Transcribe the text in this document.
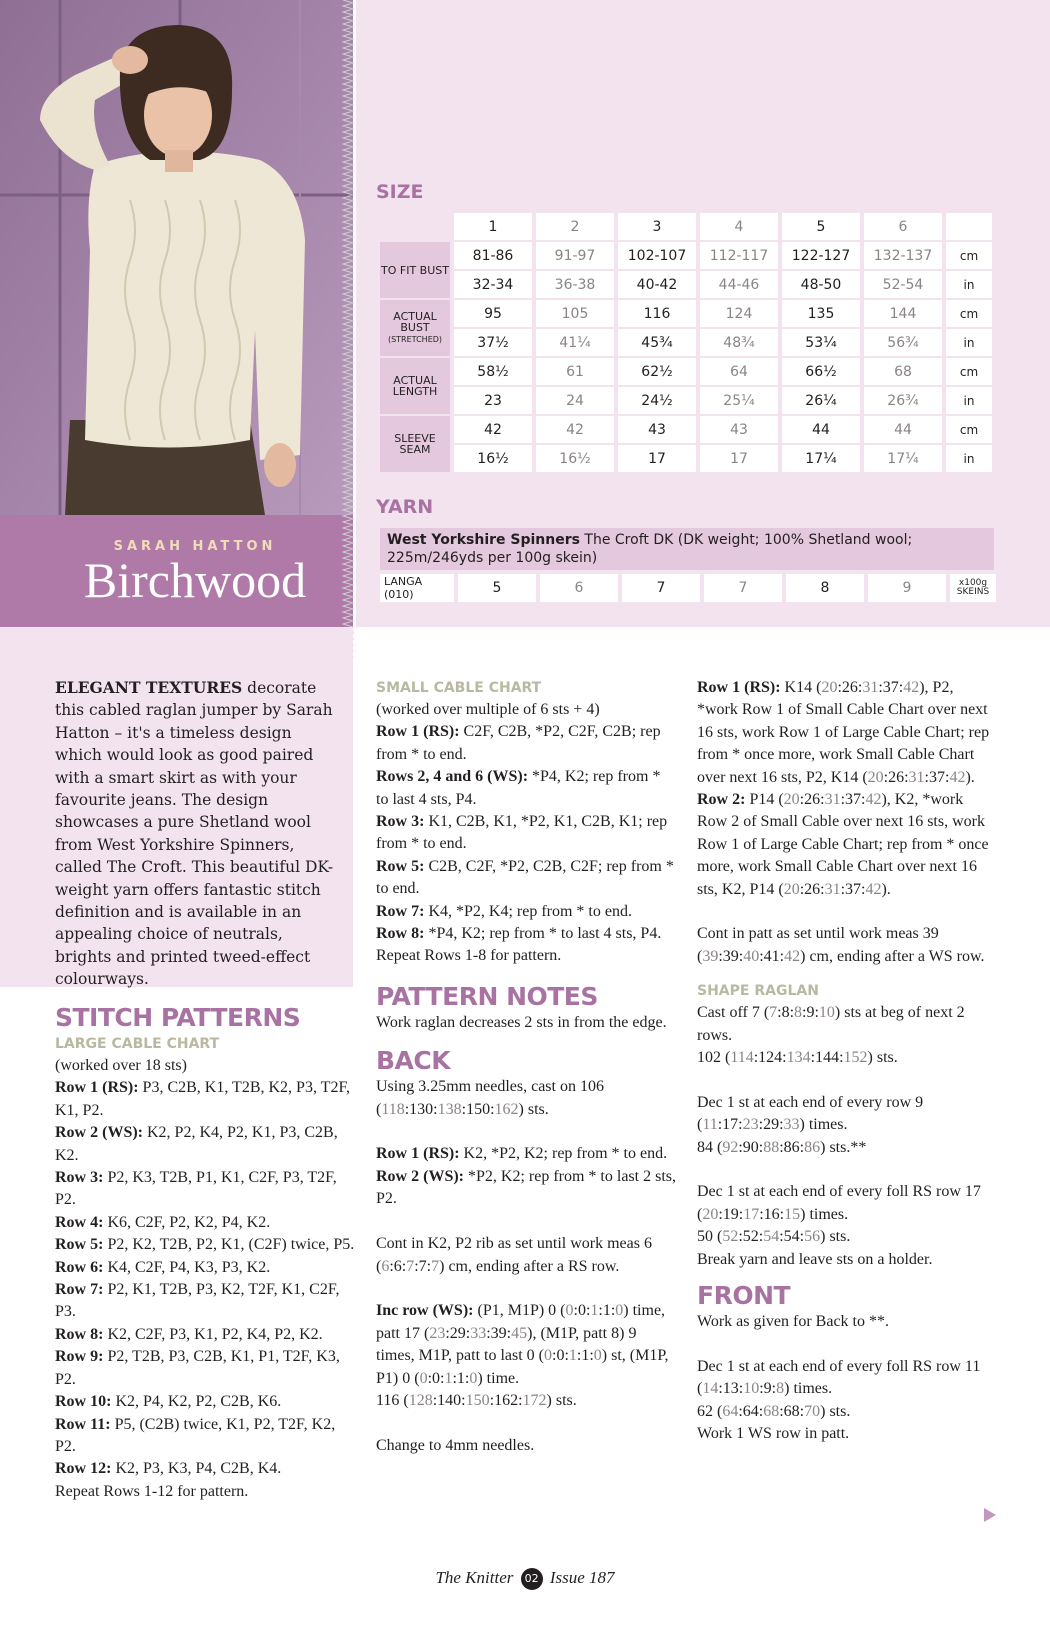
SARAH HATTON
Birchwood
SIZE
	1	2	3	4	5	6	
TO FIT BUST	81-86	91-97	102-107	112-117	122-127	132-137	cm
	32-34	36-38	40-42	44-46	48-50	52-54	in
ACTUAL BUST
(STRETCHED)	95	105	116	124	135	144	cm
	37½	41¼	45¾	48¾	53¼	56¾	in
ACTUAL LENGTH	58½	61	62½	64	66½	68	cm
	23	24	24½	25¼	26¼	26¾	in
SLEEVE SEAM	42	42	43	43	44	44	cm
	16½	16½	17	17	17¼	17¼	in
YARN
West Yorkshire Spinners The Croft DK (DK weight; 100% Shetland wool; 225m/246yds per 100g skein)
LANGA (010)	5	6	7	7	8	9	x100g SKEINS
ELEGANT TEXTURES decorate this cabled raglan jumper by Sarah Hatton – it's a timeless design which would look as good paired with a smart skirt as with your favourite jeans. The design showcases a pure Shetland wool from West Yorkshire Spinners, called The Croft. This beautiful DK-weight yarn offers fantastic stitch definition and is available in an appealing choice of neutrals, brights and printed tweed-effect colourways.
STITCH PATTERNS
LARGE CABLE CHART

(worked over 18 sts)

Row 1 (RS): P3, C2B, K1, T2B, K2, P3, T2F, K1, P2.

Row 2 (WS): K2, P2, K4, P2, K1, P3, C2B, K2.

Row 3: P2, K3, T2B, P1, K1, C2F, P3, T2F, P2.

Row 4: K6, C2F, P2, K2, P4, K2.

Row 5: P2, K2, T2B, P2, K1, (C2F) twice, P5.

Row 6: K4, C2F, P4, K3, P3, K2.

Row 7: P2, K1, T2B, P3, K2, T2F, K1, C2F, P3.

Row 8: K2, C2F, P3, K1, P2, K4, P2, K2.

Row 9: P2, T2B, P3, C2B, K1, P1, T2F, K3, P2.

Row 10: K2, P4, K2, P2, C2B, K6.

Row 11: P5, (C2B) twice, K1, P2, T2F, K2, P2.

Row 12: K2, P3, K3, P4, C2B, K4.

Repeat Rows 1-12 for pattern.

SMALL CABLE CHART

(worked over multiple of 6 sts + 4)

Row 1 (RS): C2F, C2B, *P2, C2F, C2B; rep from * to end.

Rows 2, 4 and 6 (WS): *P4, K2; rep from * to last 4 sts, P4.

Row 3: K1, C2B, K1, *P2, K1, C2B, K1; rep from * to end.

Row 5: C2B, C2F, *P2, C2B, C2F; rep from * to end.

Row 7: K4, *P2, K4; rep from * to end.

Row 8: *P4, K2; rep from * to last 4 sts, P4.

Repeat Rows 1-8 for pattern.

PATTERN NOTES

Work raglan decreases 2 sts in from the edge.

BACK

Using 3.25mm needles, cast on 106 (118:130:138:150:162) sts.

Row 1 (RS): K2, *P2, K2; rep from * to end.

Row 2 (WS): *P2, K2; rep from * to last 2 sts, P2.

Cont in K2, P2 rib as set until work meas 6 (6:6:7:7:7) cm, ending after a RS row.

Inc row (WS): (P1, M1P) 0 (0:0:1:1:0) time, patt 17 (23:29:33:39:45), (M1P, patt 8) 9 times, M1P, patt to last 0 (0:0:1:1:0) st, (M1P, P1) 0 (0:0:1:1:0) time.

116 (128:140:150:162:172) sts.

Change to 4mm needles.

Row 1 (RS): K14 (20:26:31:37:42), P2, *work Row 1 of Small Cable Chart over next 16 sts, work Row 1 of Large Cable Chart; rep from * once more, work Small Cable Chart over next 16 sts, P2, K14 (20:26:31:37:42).

Row 2: P14 (20:26:31:37:42), K2, *work Row 2 of Small Cable over next 16 sts, work Row 1 of Large Cable Chart; rep from * once more, work Small Cable Chart over next 16 sts, K2, P14 (20:26:31:37:42).

Cont in patt as set until work meas 39 (39:39:40:41:42) cm, ending after a WS row.

SHAPE RAGLAN

Cast off 7 (7:8:8:9:10) sts at beg of next 2 rows.

102 (114:124:134:144:152) sts.

Dec 1 st at each end of every row 9 (11:17:23:29:33) times.

84 (92:90:88:86:86) sts.**

Dec 1 st at each end of every foll RS row 17 (20:19:17:16:15) times.

50 (52:52:54:54:56) sts.

Break yarn and leave sts on a holder.

FRONT

Work as given for Back to **.

Dec 1 st at each end of every foll RS row 11 (14:13:10:9:8) times.

62 (64:64:68:68:70) sts.

Work 1 WS row in patt.

The Knitter 02 Issue 187
